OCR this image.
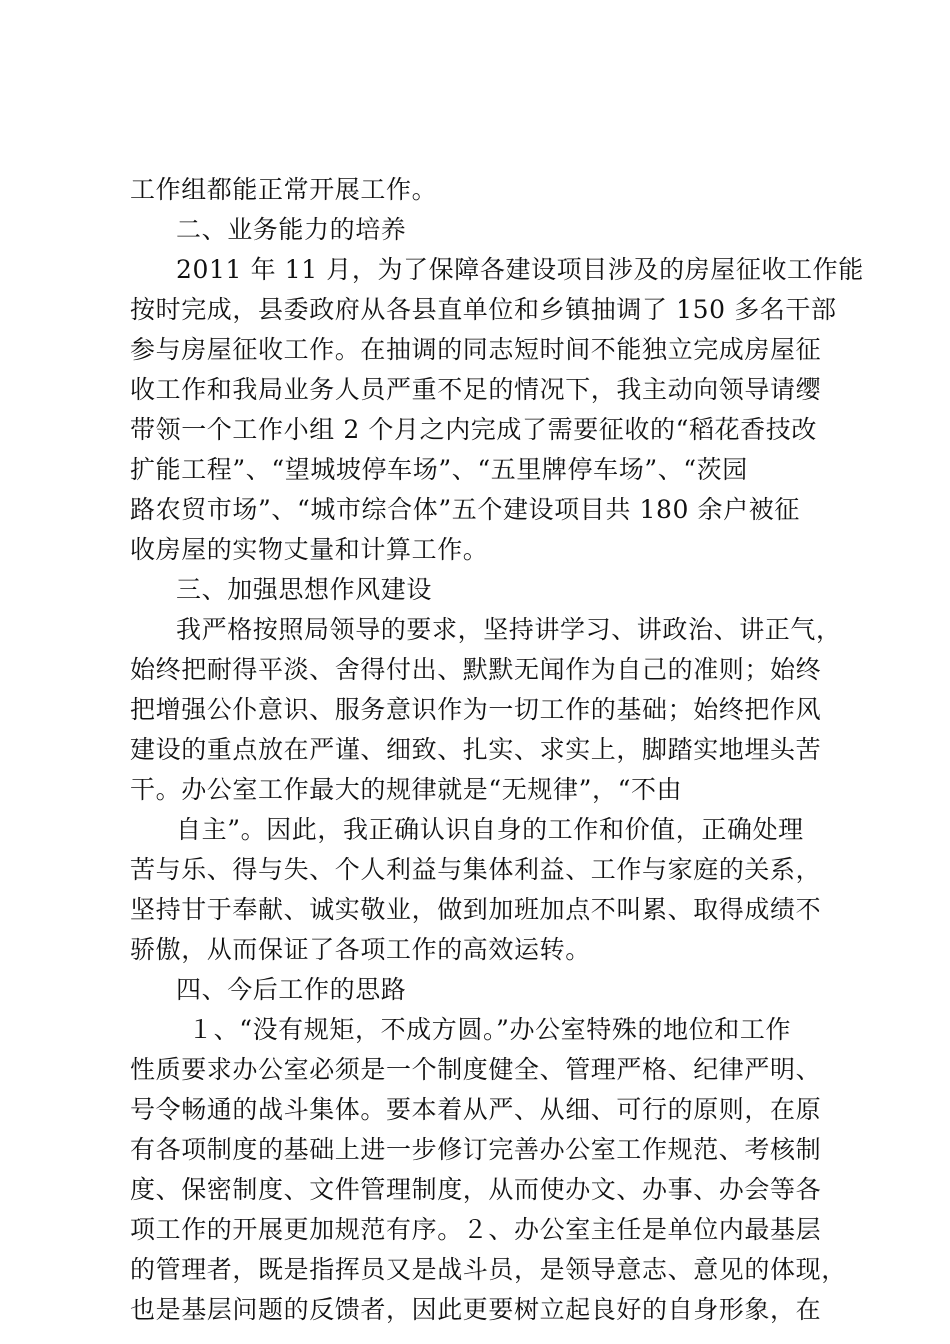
工作组都能正常开展工作。
二、业务能力的培养
2011 年 11 月，为了保障各建设项目涉及的房屋征收工作能
按时完成，县委政府从各县直单位和乡镇抽调了 150 多名干部
参与房屋征收工作。在抽调的同志短时间不能独立完成房屋征
收工作和我局业务人员严重不足的情况下，我主动向领导请缨
带领一个工作小组 2 个月之内完成了需要征收的“稻花香技改
扩能工程”、“望城坡停车场”、“五里牌停车场”、“茨园
路农贸市场”、“城市综合体”五个建设项目共 180 余户被征
收房屋的实物丈量和计算工作。
三、加强思想作风建设
我严格按照局领导的要求，坚持讲学习、讲政治、讲正气，
始终把耐得平淡、舍得付出、默默无闻作为自己的准则；始终
把增强公仆意识、服务意识作为一切工作的基础；始终把作风
建设的重点放在严谨、细致、扎实、求实上，脚踏实地埋头苦
干。办公室工作最大的规律就是“无规律”，“不由
自主”。因此，我正确认识自身的工作和价值，正确处理
苦与乐、得与失、个人利益与集体利益、工作与家庭的关系，
坚持甘于奉献、诚实敬业，做到加班加点不叫累、取得成绩不
骄傲，从而保证了各项工作的高效运转。
四、今后工作的思路
１、“没有规矩，不成方圆。”办公室特殊的地位和工作
性质要求办公室必须是一个制度健全、管理严格、纪律严明、
号令畅通的战斗集体。要本着从严、从细、可行的原则，在原
有各项制度的基础上进一步修订完善办公室工作规范、考核制
度、保密制度、文件管理制度，从而使办文、办事、办会等各
项工作的开展更加规范有序。２、办公室主任是单位内最基层
的管理者，既是指挥员又是战斗员，是领导意志、意见的体现，
也是基层问题的反馈者，因此更要树立起良好的自身形象，在
